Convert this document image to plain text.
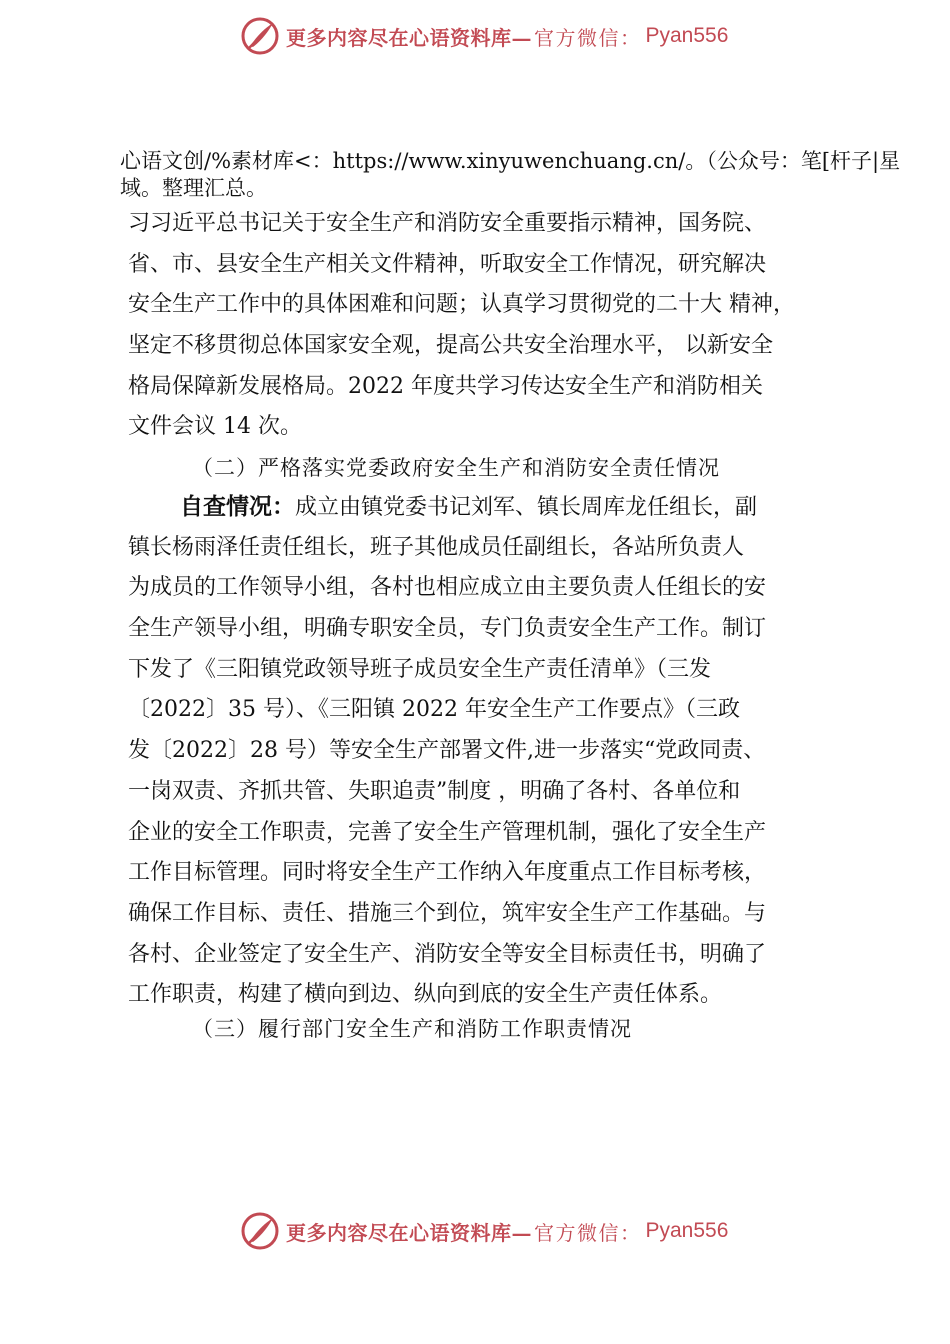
更多内容尽在心语资料库— 官方微信： Pyan556
心语文创/%素材库<：https://www.xinyuwenchuang.cn/。（公众号：笔[杆子|星域。整理汇总。
习习近平总书记关于安全生产和消防安全重要指示精神，国务院、
省、市、县安全生产相关文件精神，听取安全工作情况，研究解决
安全生产工作中的具体困难和问题；认真学习贯彻党的二十大 精神，
坚定不移贯彻总体国家安全观，提高公共安全治理水平， 以新安全
格局保障新发展格局。2022 年度共学习传达安全生产和消防相关
文件会议 14 次。
（二）严格落实党委政府安全生产和消防安全责任情况
自查情况：成立由镇党委书记刘军、镇长周库龙任组长，副
镇长杨雨泽任责任组长，班子其他成员任副组长，各站所负责人
为成员的工作领导小组，各村也相应成立由主要负责人任组长的安
全生产领导小组，明确专职安全员，专门负责安全生产工作。制订
下发了《三阳镇党政领导班子成员安全生产责任清单》（三发
〔2022〕35 号）、《三阳镇 2022 年安全生产工作要点》（三政
发〔2022〕28 号）等安全生产部署文件,进一步落实“党政同责、
一岗双责、齐抓共管、失职追责”制度 ，明确了各村、各单位和
企业的安全工作职责，完善了安全生产管理机制，强化了安全生产
工作目标管理。同时将安全生产工作纳入年度重点工作目标考核，
确保工作目标、责任、措施三个到位，筑牢安全生产工作基础。与
各村、企业签定了安全生产、消防安全等安全目标责任书，明确了
工作职责，构建了横向到边、纵向到底的安全生产责任体系。
（三）履行部门安全生产和消防工作职责情况
更多内容尽在心语资料库— 官方微信： Pyan556
